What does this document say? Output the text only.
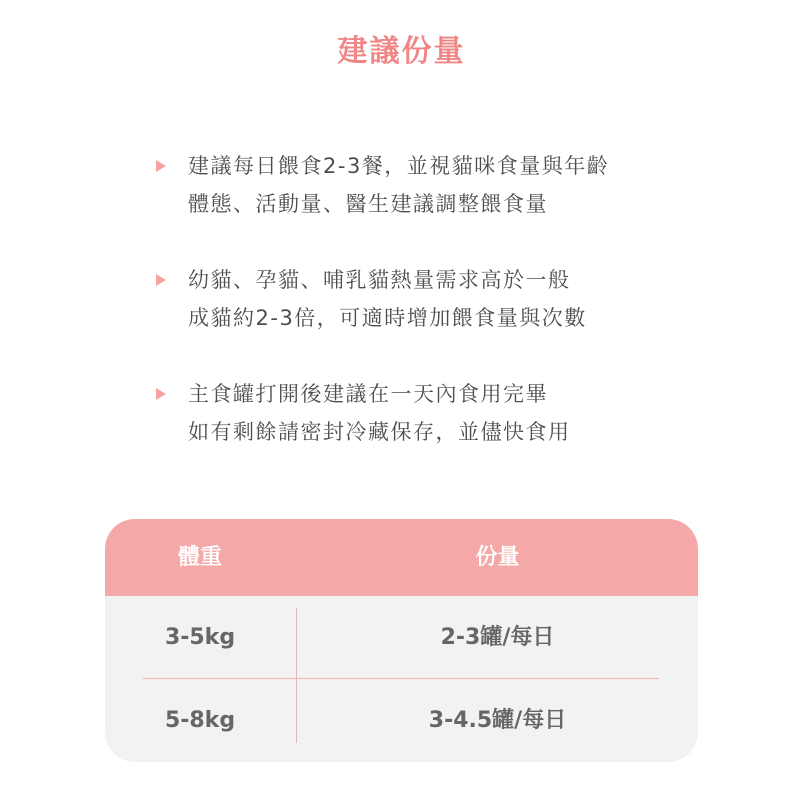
建議份量
建議每日餵食2-3餐，並視貓咪食量與年齡
體態、活動量、醫生建議調整餵食量
幼貓、孕貓、哺乳貓熱量需求高於一般
成貓約2-3倍，可適時增加餵食量與次數
主食罐打開後建議在一天內食用完畢
如有剩餘請密封冷藏保存，並儘快食用
體重	份量
3-5kg	2-3罐/每日
5-8kg	3-4.5罐/每日
